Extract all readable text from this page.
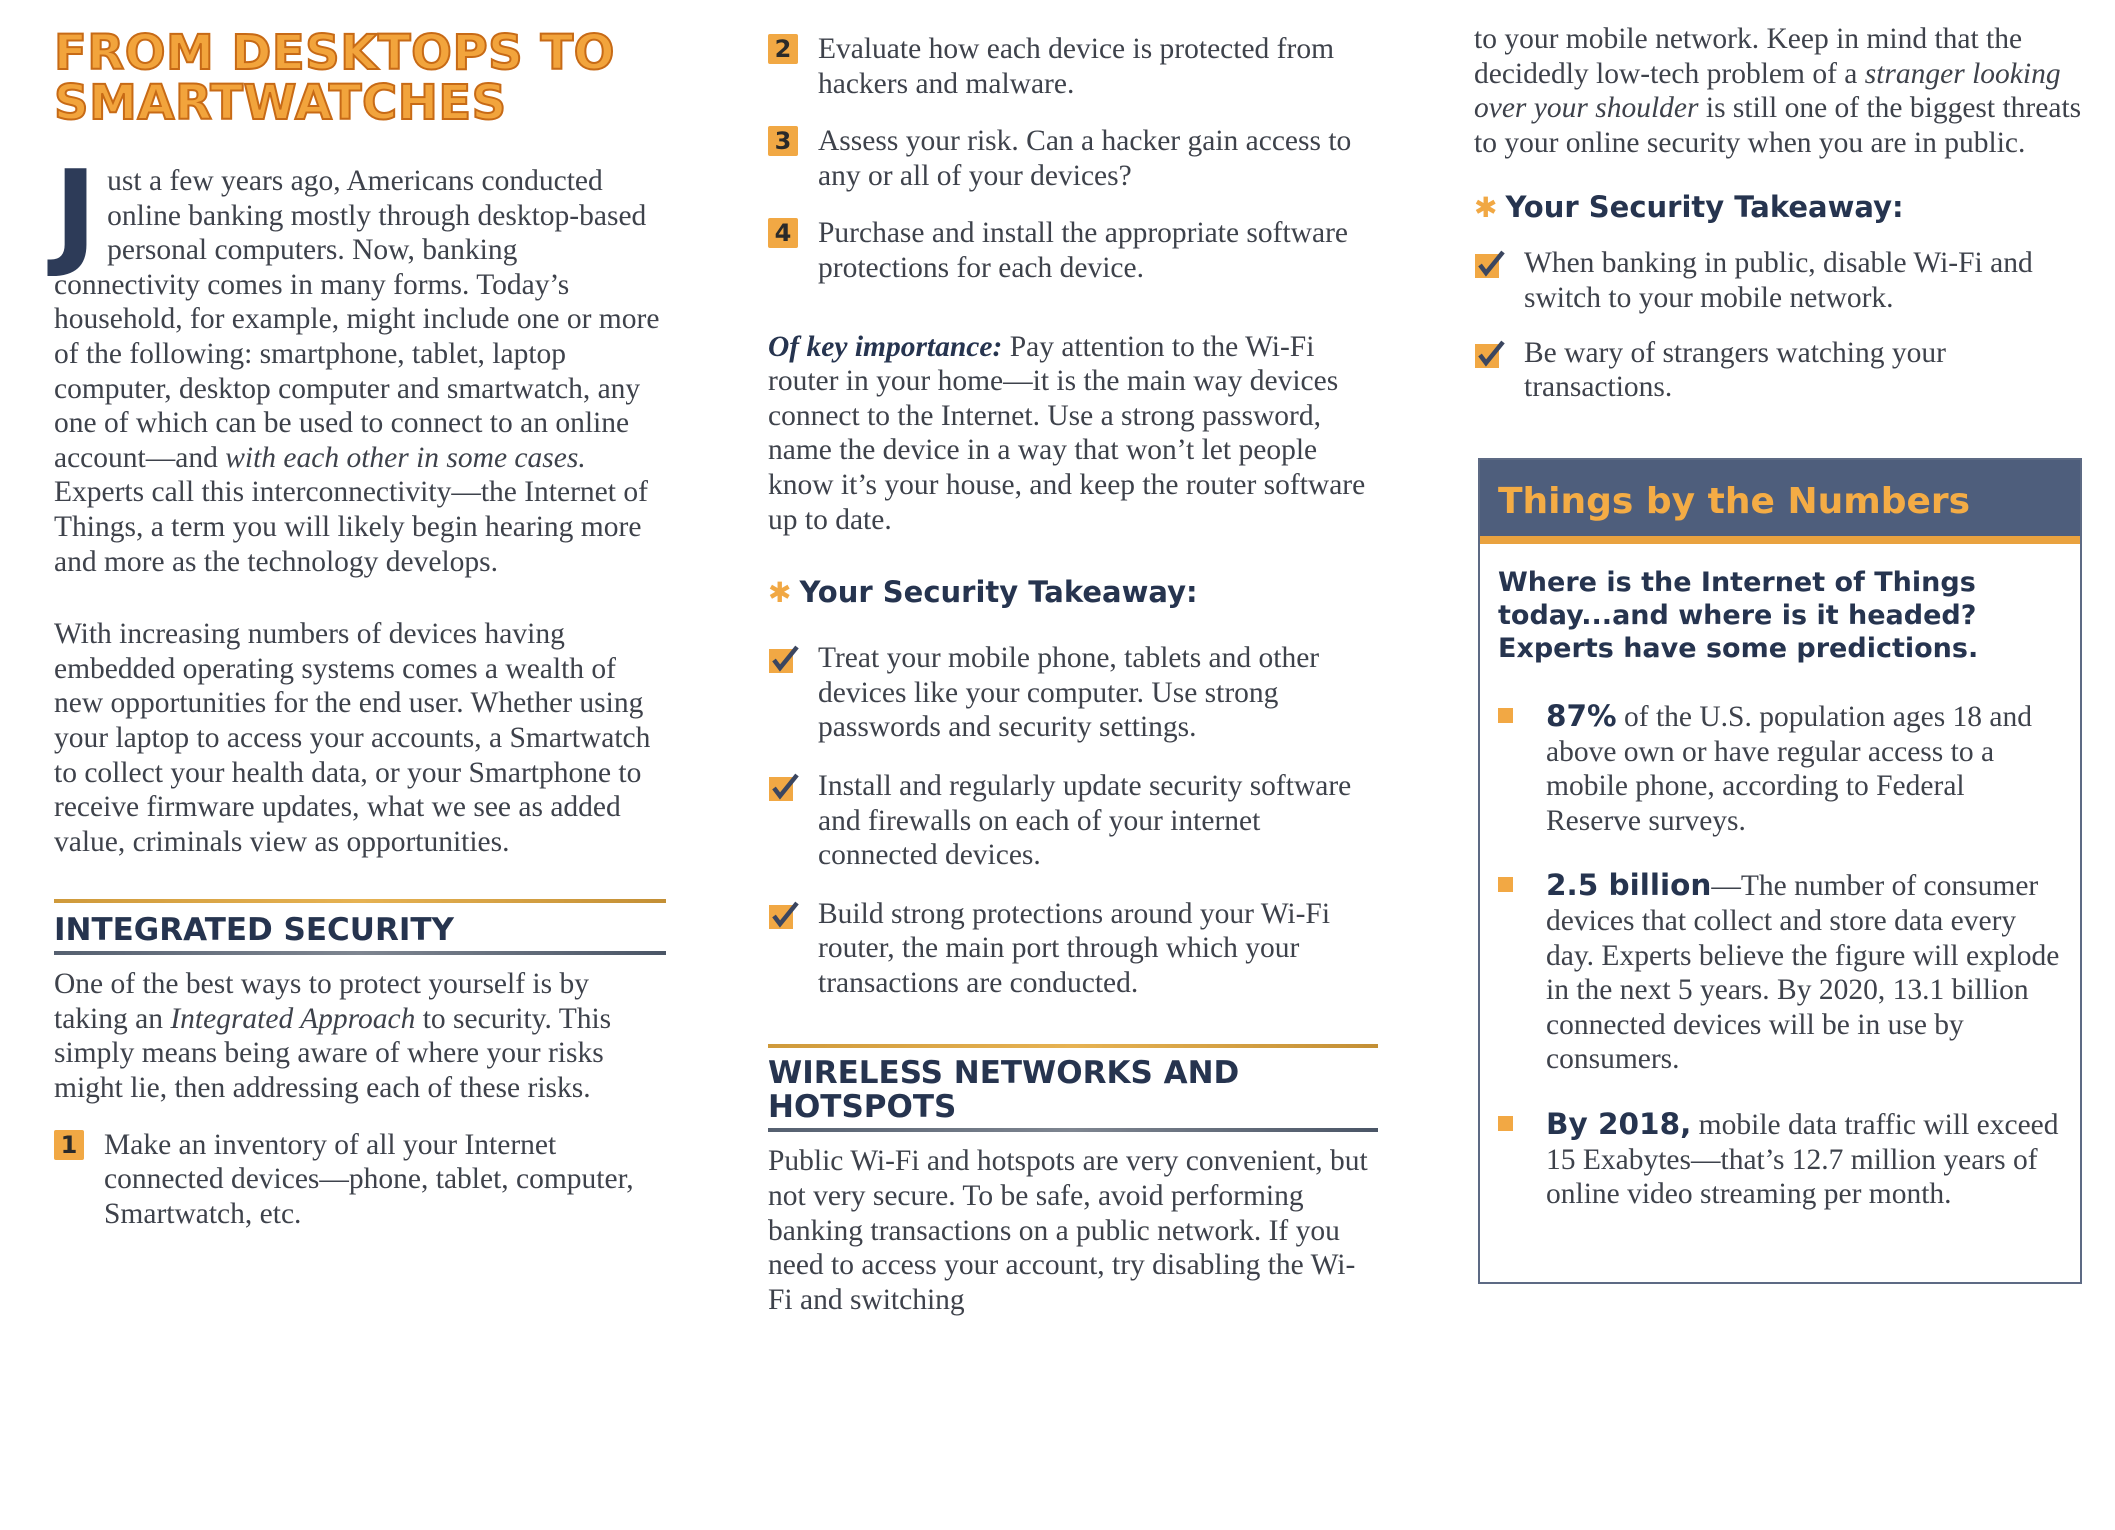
FROM DESKTOPS TO
SMARTWATCHES
Just a few years ago, Americans conducted online banking mostly through desktop-based personal computers. Now, banking connectivity comes in many forms. Today’s household, for example, might include one or more of the following: smartphone, tablet, laptop computer, desktop computer and smartwatch, any one of which can be used to connect to an online account—and with each other in some cases. Experts call this interconnectivity—the Internet of Things, a term you will likely begin hearing more and more as the technology develops.
With increasing numbers of devices having embedded operating systems comes a wealth of new opportunities for the end user. Whether using your laptop to access your accounts, a Smartwatch to collect your health data, or your Smartphone to receive firmware updates, what we see as added value, criminals view as opportunities.
INTEGRATED SECURITY
One of the best ways to protect yourself is by taking an Integrated Approach to security. This simply means being aware of where your risks might lie, then addressing each of these risks.
1 Make an inventory of all your Internet connected devices—phone, tablet, computer, Smartwatch, etc.
2 Evaluate how each device is protected from hackers and malware.
3 Assess your risk. Can a hacker gain access to any or all of your devices?
4 Purchase and install the appropriate software protections for each device.
Of key importance: Pay attention to the Wi-Fi router in your home—it is the main way devices connect to the Internet. Use a strong password, name the device in a way that won’t let people know it’s your house, and keep the router software up to date.
✱ Your Security Takeaway:
Treat your mobile phone, tablets and other devices like your computer. Use strong passwords and security settings.
Install and regularly update security software and firewalls on each of your internet connected devices.
Build strong protections around your Wi-Fi router, the main port through which your transactions are conducted.
WIRELESS NETWORKS AND
HOTSPOTS
Public Wi-Fi and hotspots are very convenient, but not very secure. To be safe, avoid performing banking transactions on a public network. If you need to access your account, try disabling the Wi-Fi and switching
to your mobile network. Keep in mind that the decidedly low-tech problem of a stranger looking over your shoulder is still one of the biggest threats to your online security when you are in public.
✱ Your Security Takeaway:
When banking in public, disable Wi-Fi and switch to your mobile network.
Be wary of strangers watching your transactions.
Things by the Numbers
Where is the Internet of Things today...and where is it headed? Experts have some predictions.
87% of the U.S. population ages 18 and above own or have regular access to a mobile phone, according to Federal Reserve surveys.
2.5 billion—The number of consumer devices that collect and store data every day. Experts believe the figure will explode in the next 5 years. By 2020, 13.1 billion connected devices will be in use by consumers.
By 2018, mobile data traffic will exceed 15 Exabytes—that’s 12.7 million years of online video streaming per month.
